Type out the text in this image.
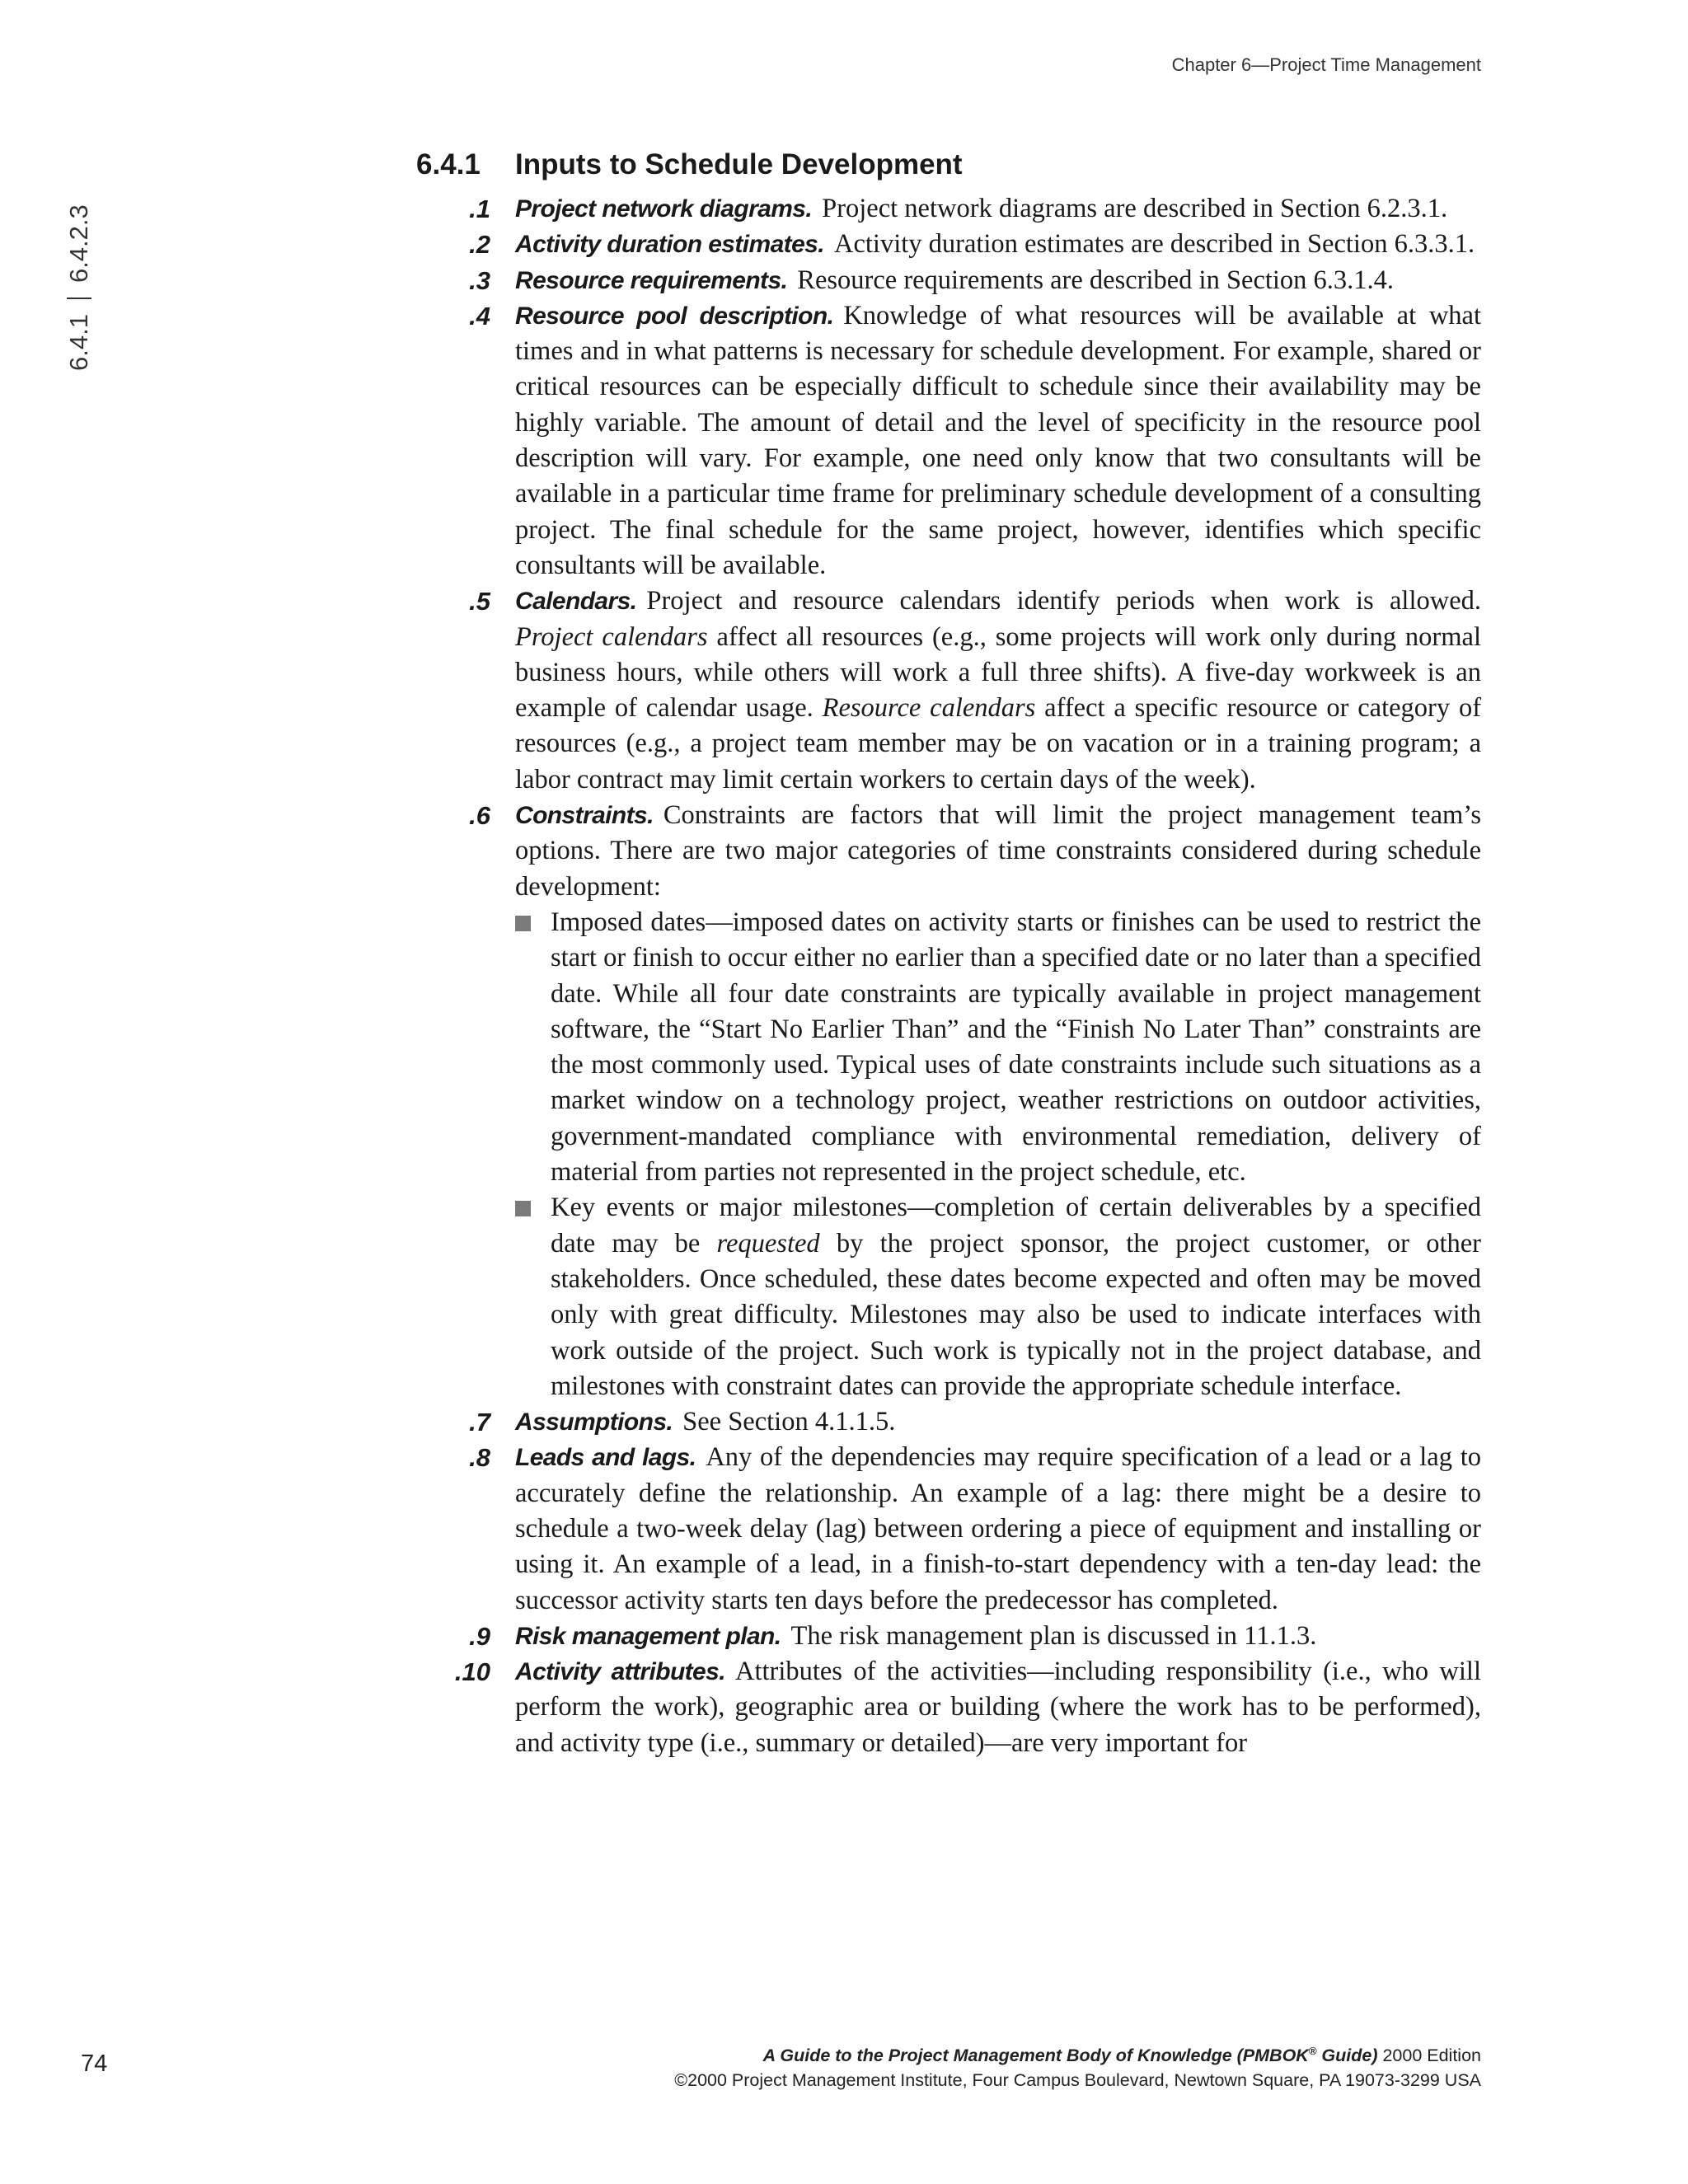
Chapter 6—Project Time Management
6.4.1
6.4.2.3
6.4.1	Inputs to Schedule Development
.1	Project network diagrams. Project network diagrams are described in Section 6.2.3.1.
.2	Activity duration estimates. Activity duration estimates are described in Section 6.3.3.1.
.3	Resource requirements. Resource requirements are described in Section 6.3.1.4.
.4	Resource pool description. Knowledge of what resources will be available at what times and in what patterns is necessary for schedule development. For example, shared or critical resources can be especially difficult to schedule since their availability may be highly variable. The amount of detail and the level of specificity in the resource pool description will vary. For example, one need only know that two consultants will be available in a particular time frame for preliminary schedule development of a consulting project. The final schedule for the same project, however, identifies which specific consultants will be available.
.5	Calendars. Project and resource calendars identify periods when work is allowed. Project calendars affect all resources (e.g., some projects will work only during normal business hours, while others will work a full three shifts). A five-day workweek is an example of calendar usage. Resource calendars affect a specific resource or category of resources (e.g., a project team member may be on vacation or in a training program; a labor contract may limit certain workers to certain days of the week).
.6	Constraints. Constraints are factors that will limit the project management team’s options. There are two major categories of time constraints considered during schedule development:
Imposed dates—imposed dates on activity starts or finishes can be used to restrict the start or finish to occur either no earlier than a specified date or no later than a specified date. While all four date constraints are typically available in project management software, the “Start No Earlier Than” and the “Finish No Later Than” constraints are the most commonly used. Typical uses of date constraints include such situations as a market window on a technology project, weather restrictions on outdoor activities, government-mandated compliance with environmental remediation, delivery of material from parties not represented in the project schedule, etc.
Key events or major milestones—completion of certain deliverables by a specified date may be requested by the project sponsor, the project customer, or other stakeholders. Once scheduled, these dates become expected and often may be moved only with great difficulty. Milestones may also be used to indicate interfaces with work outside of the project. Such work is typically not in the project database, and milestones with constraint dates can provide the appropriate schedule interface.
.7	Assumptions. See Section 4.1.1.5.
.8	Leads and lags. Any of the dependencies may require specification of a lead or a lag to accurately define the relationship. An example of a lag: there might be a desire to schedule a two-week delay (lag) between ordering a piece of equipment and installing or using it. An example of a lead, in a finish-to-start dependency with a ten-day lead: the successor activity starts ten days before the predecessor has completed.
.9	Risk management plan. The risk management plan is discussed in 11.1.3.
.10	Activity attributes. Attributes of the activities—including responsibility (i.e., who will perform the work), geographic area or building (where the work has to be performed), and activity type (i.e., summary or detailed)—are very important for
74	A Guide to the Project Management Body of Knowledge (PMBOK® Guide) 2000 Edition
©2000 Project Management Institute, Four Campus Boulevard, Newtown Square, PA 19073-3299 USA
